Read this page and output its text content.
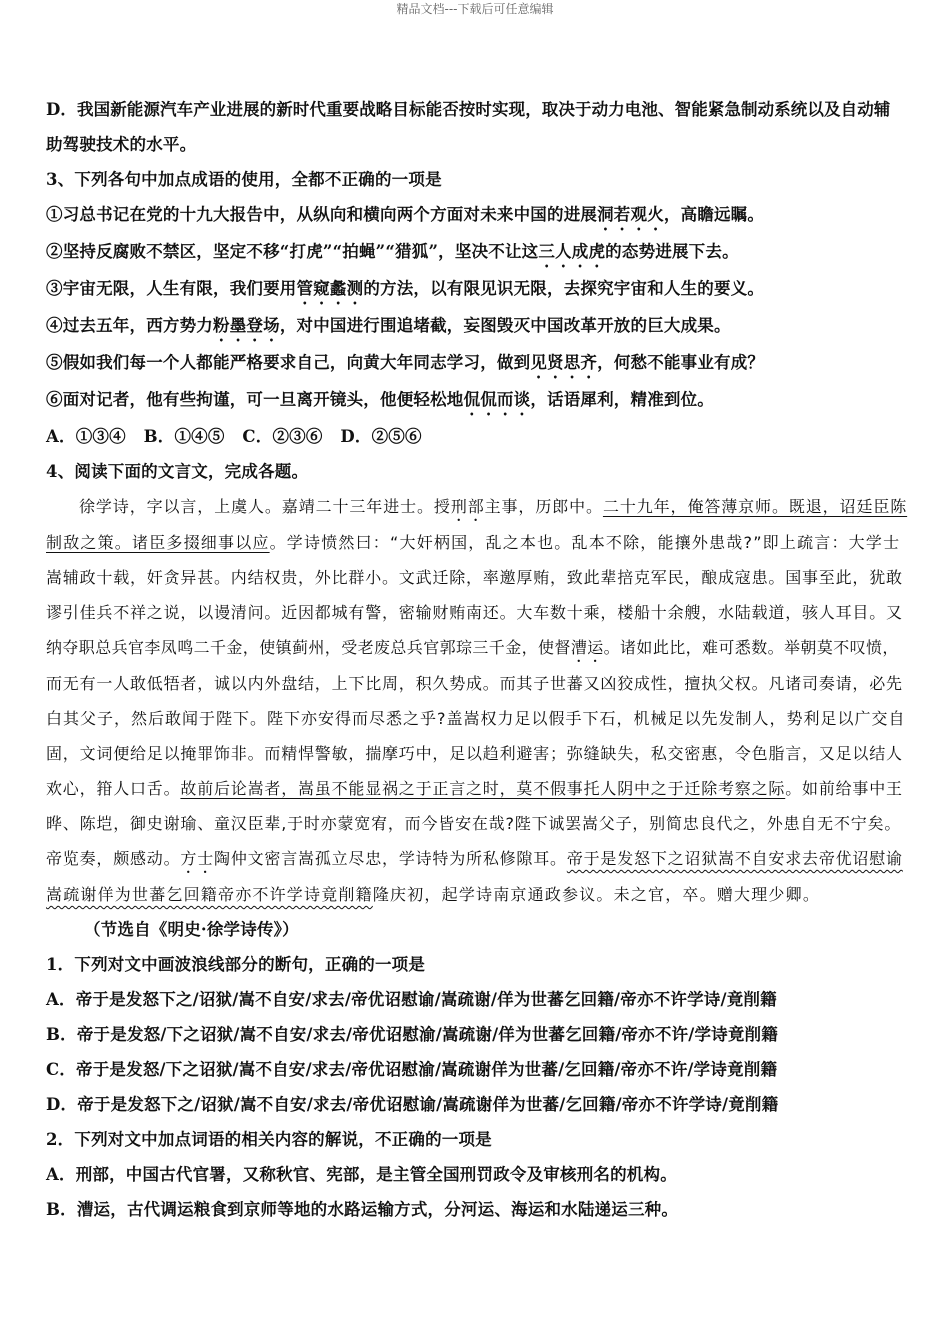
精品文档---下载后可任意编辑

D．我国新能源汽车产业进展的新时代重要战略目标能否按时实现，取决于动力电池、智能紧急制动系统以及自动辅

助驾驶技术的水平。

3、下列各句中加点成语的使用，全都不正确的一项是

①习总书记在党的十九大报告中，从纵向和横向两个方面对未来中国的进展洞若观火，高瞻远瞩。

②坚持反腐败不禁区，坚定不移“打虎”“拍蝇”“猎狐”，坚决不让这三人成虎的态势进展下去。

③宇宙无限，人生有限，我们要用管窥蠡测的方法，以有限见识无限，去探究宇宙和人生的要义。

④过去五年，西方势力粉墨登场，对中国进行围追堵截，妄图毁灭中国改革开放的巨大成果。

⑤假如我们每一个人都能严格要求自己，向黄大年同志学习，做到见贤思齐，何愁不能事业有成？

⑥面对记者，他有些拘谨，可一旦离开镜头，他便轻松地侃侃而谈，话语犀利，精准到位。

A．①③④   B．①④⑤   C．②③⑥   D．②⑤⑥

4、阅读下面的文言文，完成各题。

徐学诗，字以言，上虞人。嘉靖二十三年进士。授刑部主事，历郎中。二十九年，俺答薄京师。既退，诏廷臣陈

制敌之策。诸臣多掇细事以应。学诗愤然曰：“大奸柄国，乱之本也。乱本不除，能攘外患哉?”即上疏言：大学士

嵩辅政十载，奸贪异甚。内结权贵，外比群小。文武迁除，率邀厚贿，致此辈掊克军民，酿成寇患。国事至此，犹敢

谬引佳兵不祥之说，以谩清问。近因都城有警，密输财贿南还。大车数十乘，楼船十余艘，水陆载道，骇人耳目。又

纳夺职总兵官李凤鸣二千金，使镇蓟州，受老废总兵官郭琮三千金，使督漕运。诸如此比，难可悉数。举朝莫不叹愤，

而无有一人敢低牾者，诚以内外盘结，上下比周，积久势成。而其子世蕃又凶狡成性，擅执父权。凡诸司奏请，必先

白其父子，然后敢闻于陛下。陛下亦安得而尽悉之乎?盖嵩权力足以假手下石，机械足以先发制人，势利足以广交自

固，文词便给足以掩罪饰非。而精悍警敏，揣摩巧中，足以趋利避害；弥缝缺失，私交密惠，令色脂言，又足以结人

欢心，箝人口舌。故前后论嵩者，嵩虽不能显祸之于正言之时，莫不假事托人阴中之于迁除考察之际。如前给事中王

晔、陈垲，御史谢瑜、童汉臣辈,于时亦蒙宽宥，而今皆安在哉?陛下诚罢嵩父子，别简忠良代之，外患自无不宁矣。

帝览奏，颇感动。方士陶仲文密言嵩孤立尽忠，学诗特为所私修隙耳。帝于是发怒下之诏狱嵩不自安求去帝优诏慰谕

嵩疏谢佯为世蕃乞回籍帝亦不许学诗竟削籍隆庆初，起学诗南京通政参议。未之官，卒。赠大理少卿。

（节选自《明史·徐学诗传》）

1．下列对文中画波浪线部分的断句，正确的一项是

A．帝于是发怒下之/诏狱/嵩不自安/求去/帝优诏慰谕/嵩疏谢/佯为世蕃乞回籍/帝亦不许学诗/竟削籍

B．帝于是发怒/下之诏狱/嵩不自安/求去/帝优诏慰渝/嵩疏谢/佯为世蕃乞回籍/帝亦不许/学诗竟削籍

C．帝于是发怒/下之诏狱/嵩不自安/求去/帝优诏慰渝/嵩疏谢佯为世蕃/乞回籍/帝亦不许/学诗竟削籍

D．帝于是发怒下之/诏狱/嵩不自安/求去/帝优诏慰谕/嵩疏谢佯为世蕃/乞回籍/帝亦不许学诗/竟削籍

2．下列对文中加点词语的相关内容的解说，不正确的一项是

A．刑部，中国古代官署，又称秋官、宪部，是主管全国刑罚政令及审核刑名的机构。

B．漕运，古代调运粮食到京师等地的水路运输方式，分河运、海运和水陆递运三种。
